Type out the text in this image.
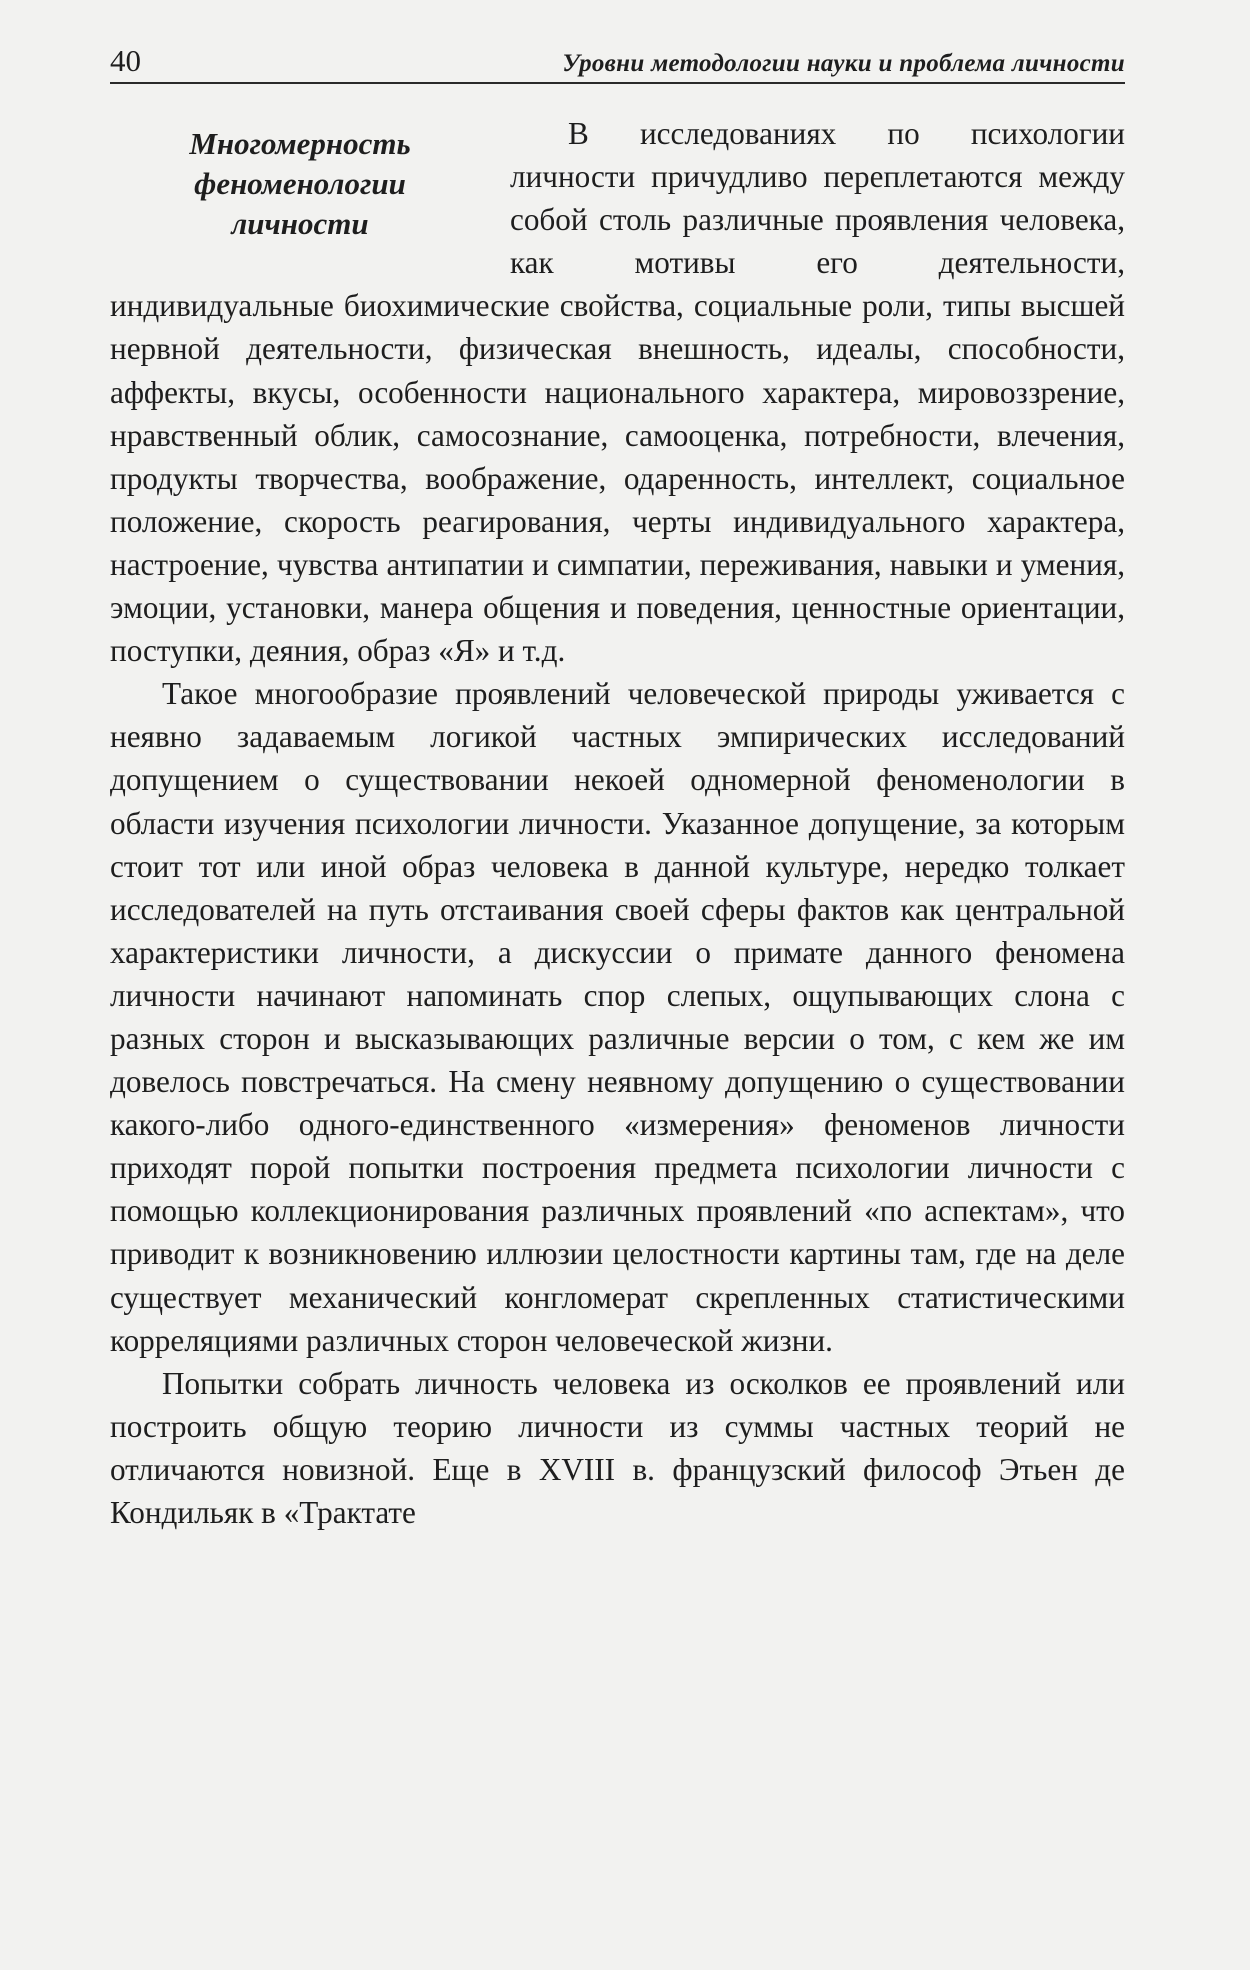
40	Уровни методологии науки и проблема личности
Многомерность
феноменологии
личности

В исследованиях по психологии личности причудливо переплетаются между собой столь различные проявления человека, как мотивы его деятельности, индивидуальные биохимические свойства, социальные роли, типы высшей нервной деятельности, физическая внешность, идеалы, способности, аффекты, вкусы, особенности национального характера, мировоззрение, нравственный облик, самосознание, самооценка, потребности, влечения, продукты творчества, воображение, одаренность, интеллект, социальное положение, скорость реагирования, черты индивидуального характера, настроение, чувства антипатии и симпатии, переживания, навыки и умения, эмоции, установки, манера общения и поведения, ценностные ориентации, поступки, деяния, образ «Я» и т.д.

Такое многообразие проявлений человеческой природы уживается с неявно задаваемым логикой частных эмпирических исследований допущением о существовании некоей одномерной феноменологии в области изучения психологии личности. Указанное допущение, за которым стоит тот или иной образ человека в данной культуре, нередко толкает исследователей на путь отстаивания своей сферы фактов как центральной характеристики личности, а дискуссии о примате данного феномена личности начинают напоминать спор слепых, ощупывающих слона с разных сторон и высказывающих различные версии о том, с кем же им довелось повстречаться. На смену неявному допущению о существовании какого-либо одного-единственного «измерения» феноменов личности приходят порой попытки построения предмета психологии личности с помощью коллекционирования различных проявлений «по аспектам», что приводит к возникновению иллюзии целостности картины там, где на деле существует механический конгломерат скрепленных статистическими корреляциями различных сторон человеческой жизни.

Попытки собрать личность человека из осколков ее проявлений или построить общую теорию личности из суммы частных теорий не отличаются новизной. Еще в XVIII в. французский философ Этьен де Кондильяк в «Трактате
